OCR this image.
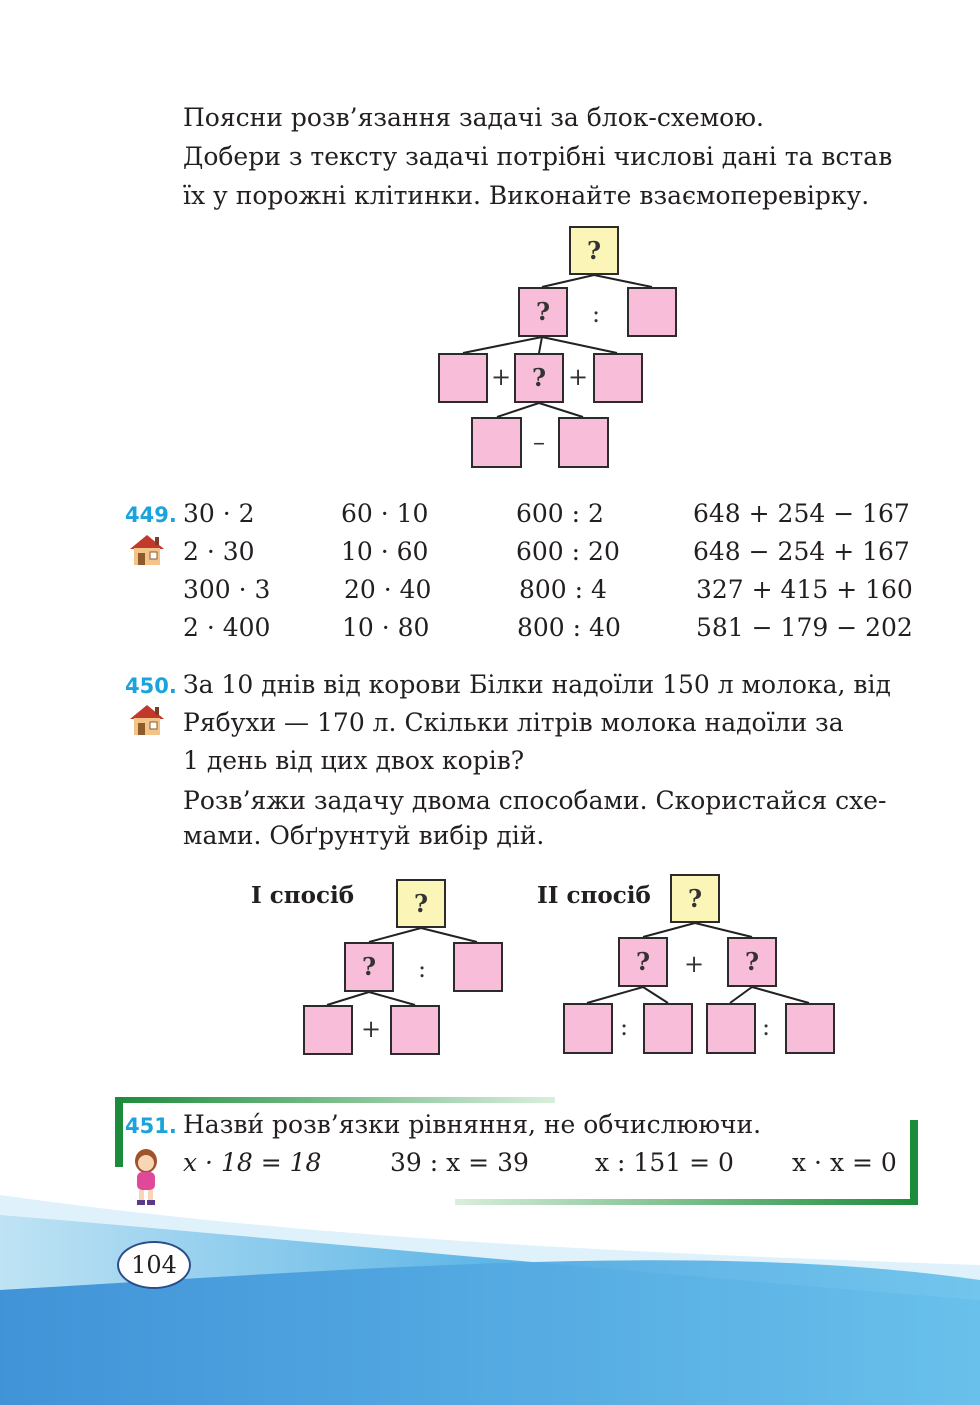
Поясни розв’язання задачі за блок-схемою.
Добери з тексту задачі потрібні числові дані та встав
їх у порожні клітинки. Виконайте взаємоперевірку.
?
?	:
+ ? +
–
449. 30 · 2	60 · 10	600 : 2	648 + 254 − 167
2 · 30	10 · 60	600 : 20	648 − 254 + 167
300 · 3	20 · 40	800 : 4	327 + 415 + 160
2 · 400	10 · 80	800 : 40	581 − 179 − 202
450. За 10 днів від корови Білки надоїли 150 л молока, від
Рябухи — 170 л. Скільки літрів молока надоїли за
1 день від цих двох корів?
Розв’яжи задачу двома способами. Скористайся схе-
мами. Обґрунтуй вибір дій.
І спосіб	?
?	:
+
ІІ спосіб	?
?	+	?
:	:
451. Назви́ розв’язки рівняння, не обчислюючи.
x · 18 = 18	39 : x = 39	x : 151 = 0 x · x = 0
104
